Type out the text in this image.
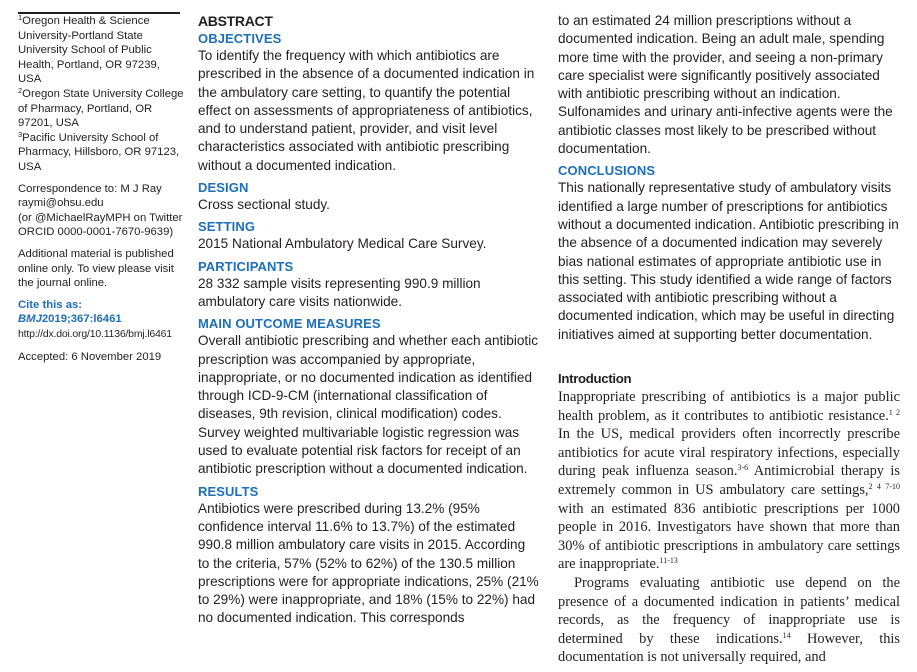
$^1$Oregon Health & Science University-Portland State University School of Public Health, Portland, OR 97239, USA

$^2$Oregon State University College of Pharmacy, Portland, OR 97201, USA

$^3$Pacific University School of Pharmacy, Hillsboro, OR 97123, USA

Correspondence to: M J Ray
raymi@ohsu.edu
(or @MichaelRayMPH on Twitter
ORCID 0000-0001-7670-9639)
Additional material is published online only. To view please visit the journal online.
Cite this as: BMJ2019;367:l6461
http://dx.doi.org/10.1136/bmj.l6461
Accepted: 6 November 2019
ABSTRACT
OBJECTIVES

To identify the frequency with which antibiotics are prescribed in the absence of a documented indication in the ambulatory care setting, to quantify the potential effect on assessments of appropriateness of antibiotics, and to understand patient, provider, and visit level characteristics associated with antibiotic prescribing without a documented indication.

DESIGN

Cross sectional study.

SETTING

2015 National Ambulatory Medical Care Survey.

PARTICIPANTS

28 332 sample visits representing 990.9 million ambulatory care visits nationwide.

MAIN OUTCOME MEASURES

Overall antibiotic prescribing and whether each antibiotic prescription was accompanied by appropriate, inappropriate, or no documented indication as identified through ICD-9-CM (international classification of diseases, 9th revision, clinical modification) codes. Survey weighted multivariable logistic regression was used to evaluate potential risk factors for receipt of an antibiotic prescription without a documented indication.

RESULTS

Antibiotics were prescribed during 13.2% (95% confidence interval 11.6% to 13.7%) of the estimated 990.8 million ambulatory care visits in 2015. According to the criteria, 57% (52% to 62%) of the 130.5 million prescriptions were for appropriate indications, 25% (21% to 29%) were inappropriate, and 18% (15% to 22%) had no documented indication. This corresponds

to an estimated 24 million prescriptions without a documented indication. Being an adult male, spending more time with the provider, and seeing a non-primary care specialist were significantly positively associated with antibiotic prescribing without an indication. Sulfonamides and urinary anti-infective agents were the antibiotic classes most likely to be prescribed without documentation.

CONCLUSIONS

This nationally representative study of ambulatory visits identified a large number of prescriptions for antibiotics without a documented indication. Antibiotic prescribing in the absence of a documented indication may severely bias national estimates of appropriate antibiotic use in this setting. This study identified a wide range of factors associated with antibiotic prescribing without a documented indication, which may be useful in directing initiatives aimed at supporting better documentation.

Introduction

Inappropriate prescribing of antibiotics is a major public health problem, as it contributes to antibiotic resistance.$^{1 2}$ In the US, medical providers often incorrectly prescribe antibiotics for acute viral respiratory infections, especially during peak influenza season.$^{3-6}$ Antimicrobial therapy is extremely common in US ambulatory care settings,$^{2 4 7-10}$ with an estimated 836 antibiotic prescriptions per 1000 people in 2016. Investigators have shown that more than 30% of antibiotic prescriptions in ambulatory care settings are inappropriate.$^{11-13}$

Programs evaluating antibiotic use depend on the presence of a documented indication in patients’ medical records, as the frequency of inappropriate use is determined by these indications.$^{14}$ However, this documentation is not universally required, and
